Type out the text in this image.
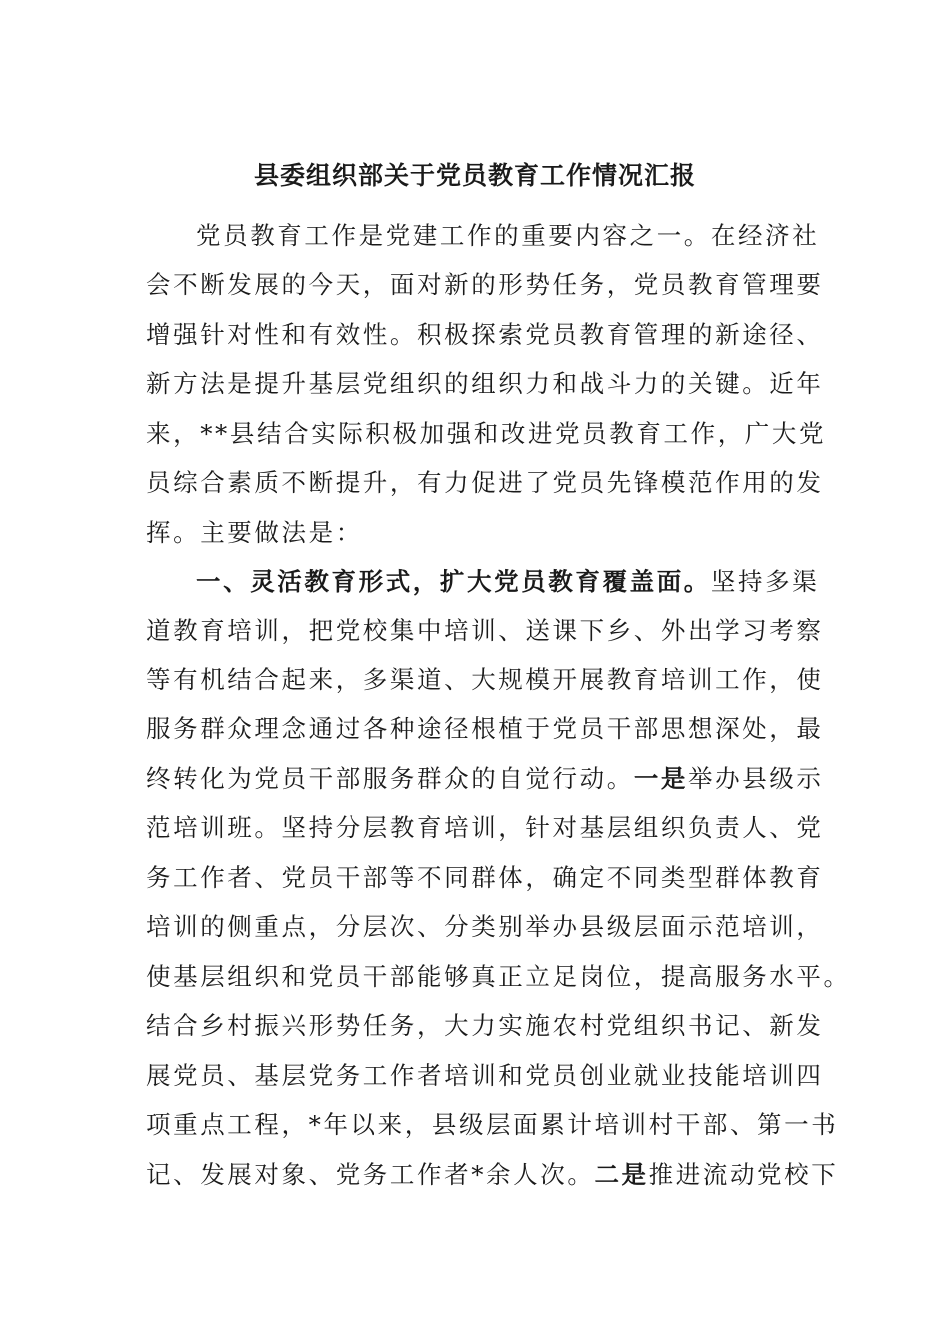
县委组织部关于党员教育工作情况汇报
党员教育工作是党建工作的重要内容之一。在经济社
会不断发展的今天，面对新的形势任务，党员教育管理要
增强针对性和有效性。积极探索党员教育管理的新途径、
新方法是提升基层党组织的组织力和战斗力的关键。近年
来，**县结合实际积极加强和改进党员教育工作，广大党
员综合素质不断提升，有力促进了党员先锋模范作用的发
挥。主要做法是：
一、灵活教育形式，扩大党员教育覆盖面。坚持多渠
道教育培训，把党校集中培训、送课下乡、外出学习考察
等有机结合起来，多渠道、大规模开展教育培训工作，使
服务群众理念通过各种途径根植于党员干部思想深处，最
终转化为党员干部服务群众的自觉行动。一是举办县级示
范培训班。坚持分层教育培训，针对基层组织负责人、党
务工作者、党员干部等不同群体，确定不同类型群体教育
培训的侧重点，分层次、分类别举办县级层面示范培训，
使基层组织和党员干部能够真正立足岗位，提高服务水平。
结合乡村振兴形势任务，大力实施农村党组织书记、新发
展党员、基层党务工作者培训和党员创业就业技能培训四
项重点工程，*年以来，县级层面累计培训村干部、第一书
记、发展对象、党务工作者*余人次。二是推进流动党校下
